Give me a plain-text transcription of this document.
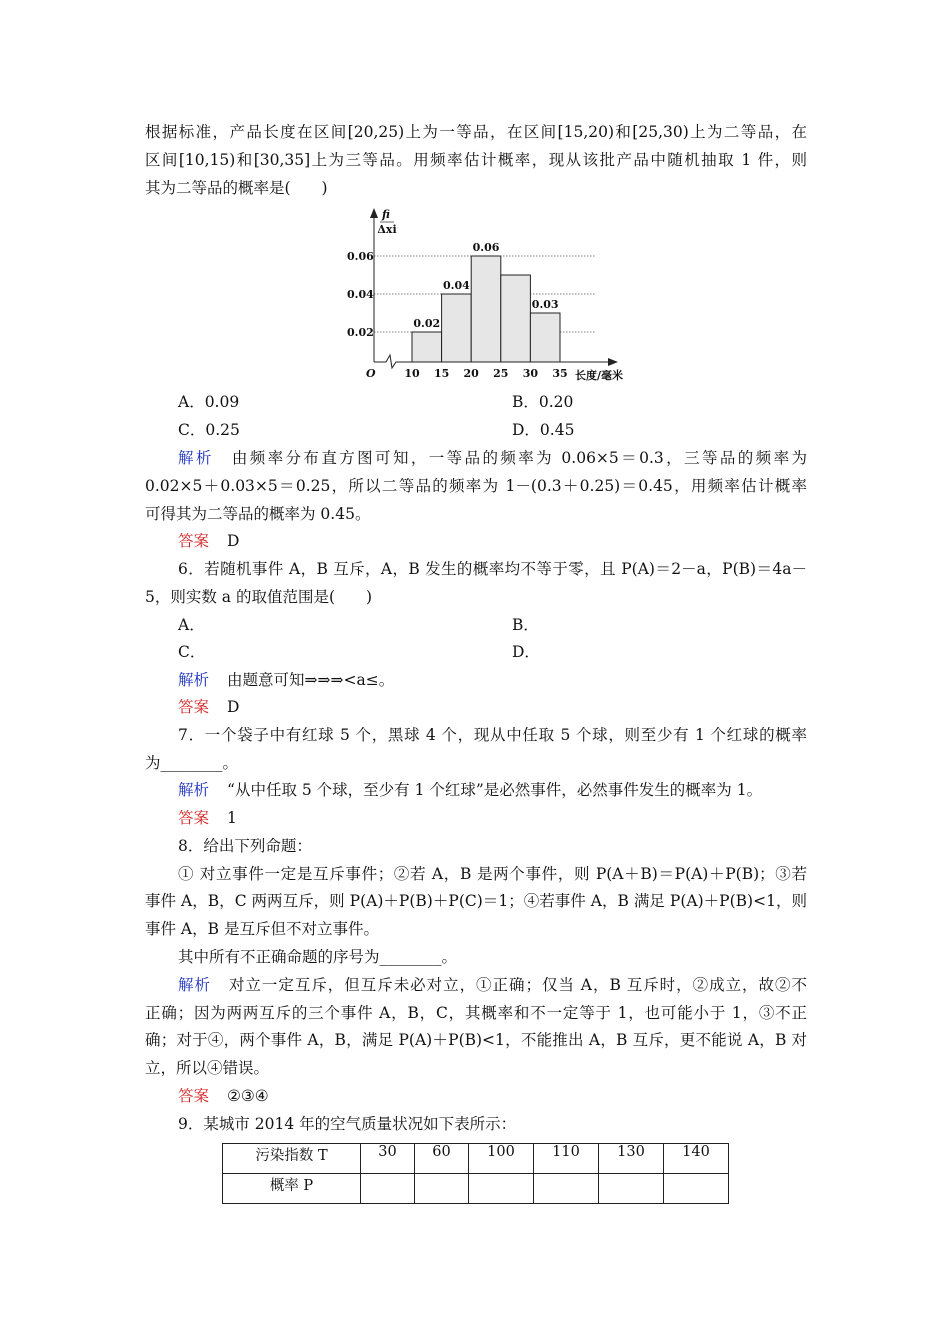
0.02
0.04
0.06
0.02
0.04
0.06
0.03
10 15 20 25 30 35
O
fi
Δxi
长度/毫米
污染指数 T	30	60	100	110	130	140
概率 P						
根据标准，产品长度在区间[20,25)上为一等品，在区间[15,20)和[25,30)上为二等品，在
区间[10,15)和[30,35]上为三等品。用频率估计概率，现从该批产品中随机抽取 1 件，则
其为二等品的概率是(　　)
A．0.09	B．0.20
C．0.25	D．0.45
解析 由频率分布直方图可知，一等品的频率为 0.06×5＝0.3，三等品的频率为
0.02×5＋0.03×5＝0.25，所以二等品的频率为 1－(0.3＋0.25)＝0.45，用频率估计概率
可得其为二等品的概率为 0.45。
答案 D
6．若随机事件 A，B 互斥，A，B 发生的概率均不等于零，且 P(A)＝2－a，P(B)＝4a－
5，则实数 a 的取值范围是(　　)
A．	B．
C．	D．
解析 由题意可知⇒⇒⇒<a≤。
答案 D
7．一个袋子中有红球 5 个，黑球 4 个，现从中任取 5 个球，则至少有 1 个红球的概率
为________。
解析 “从中任取 5 个球，至少有 1 个红球”是必然事件，必然事件发生的概率为 1。
答案 1
8．给出下列命题：
① 对立事件一定是互斥事件；②若 A，B 是两个事件，则 P(A＋B)＝P(A)＋P(B)；③若
事件 A，B，C 两两互斥，则 P(A)＋P(B)＋P(C)＝1；④若事件 A，B 满足 P(A)＋P(B)<1，则
事件 A，B 是互斥但不对立事件。
其中所有不正确命题的序号为________。
解析 对立一定互斥，但互斥未必对立，①正确；仅当 A，B 互斥时，②成立，故②不
正确；因为两两互斥的三个事件 A，B，C，其概率和不一定等于 1，也可能小于 1，③不正
确；对于④，两个事件 A，B，满足 P(A)＋P(B)<1，不能推出 A，B 互斥，更不能说 A，B 对
立，所以④错误。
答案 ②③④
9．某城市 2014 年的空气质量状况如下表所示：
